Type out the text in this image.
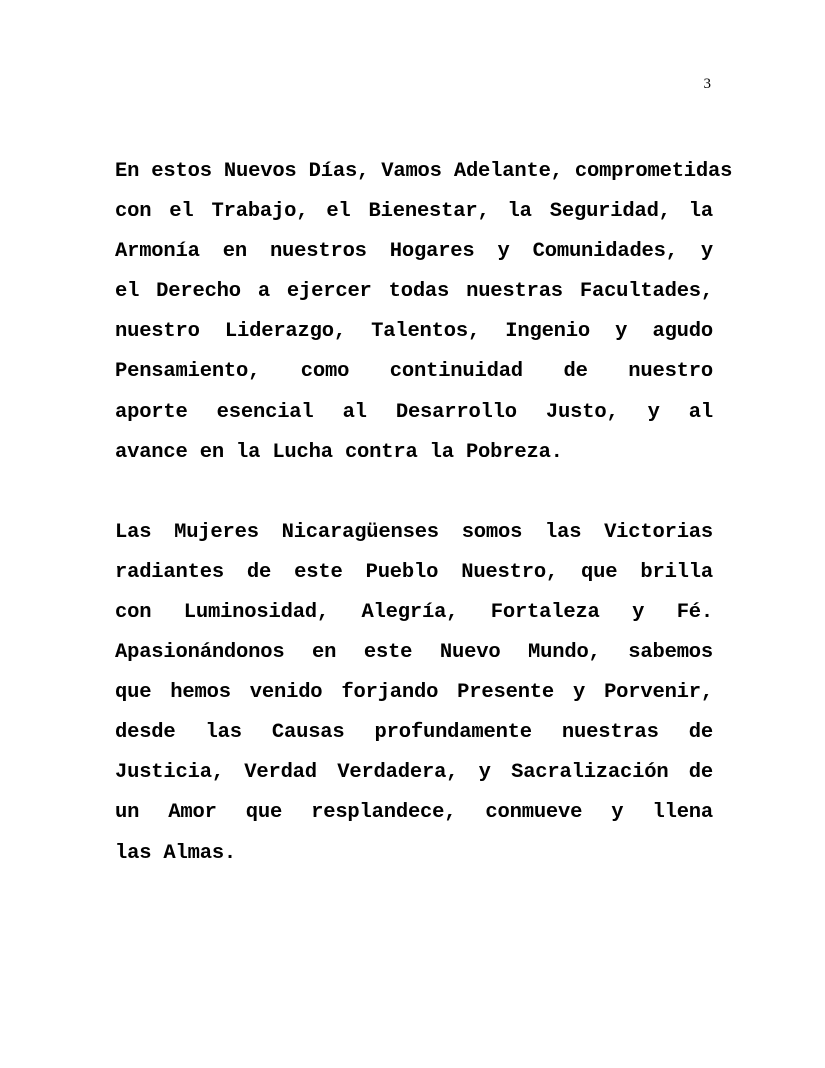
3

En estos Nuevos Días, Vamos Adelante, comprometidas
con el Trabajo, el Bienestar, la Seguridad, la
Armonía en nuestros Hogares y Comunidades, y
el Derecho a ejercer todas nuestras Facultades,
nuestro Liderazgo, Talentos, Ingenio y agudo
Pensamiento, como continuidad de nuestro
aporte esencial al Desarrollo Justo, y al
avance en la Lucha contra la Pobreza.

Las Mujeres Nicaragüenses somos las Victorias
radiantes de este Pueblo Nuestro, que brilla
con Luminosidad, Alegría, Fortaleza y Fé.
Apasionándonos en este Nuevo Mundo, sabemos
que hemos venido forjando Presente y Porvenir,
desde las Causas profundamente nuestras de
Justicia, Verdad Verdadera, y Sacralización de
un Amor que resplandece, conmueve y llena
las Almas.
